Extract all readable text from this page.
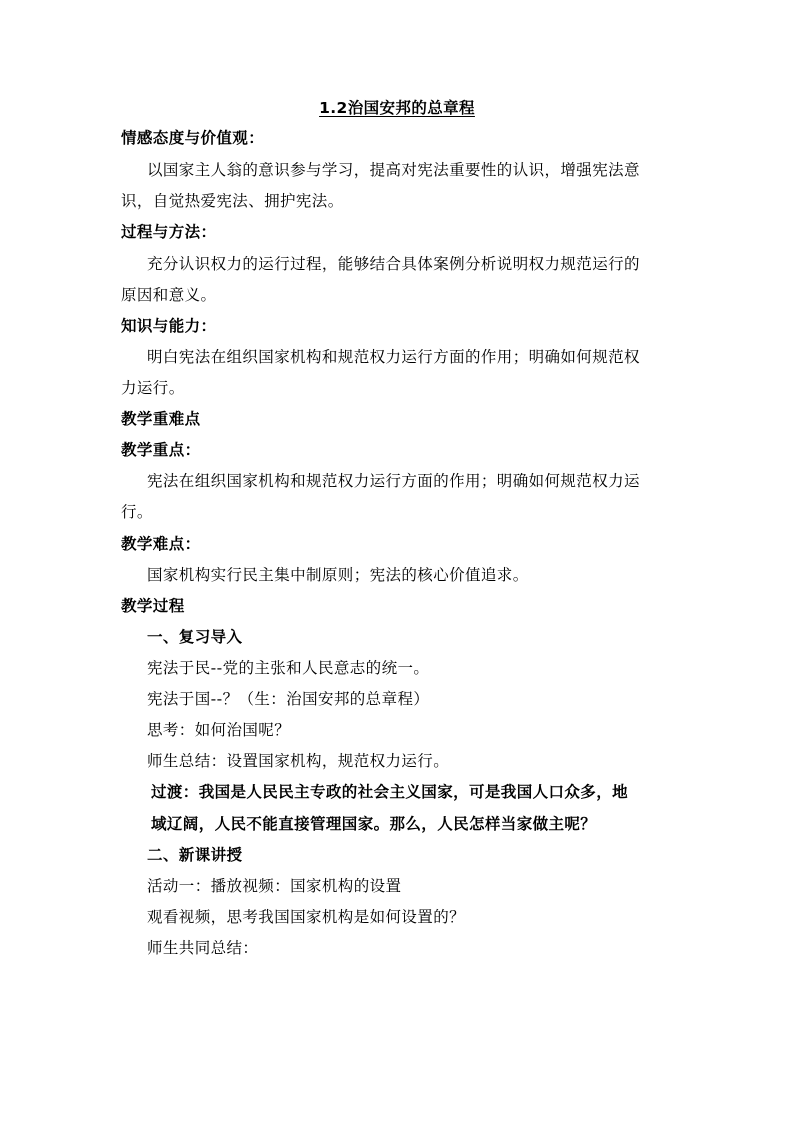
1.2治国安邦的总章程
情感态度与价值观：
以国家主人翁的意识参与学习，提高对宪法重要性的认识，增强宪法意
识，自觉热爱宪法、拥护宪法。
过程与方法：
充分认识权力的运行过程，能够结合具体案例分析说明权力规范运行的
原因和意义。
知识与能力：
明白宪法在组织国家机构和规范权力运行方面的作用；明确如何规范权
力运行。
教学重难点
教学重点：
宪法在组织国家机构和规范权力运行方面的作用；明确如何规范权力运
行。
教学难点：
国家机构实行民主集中制原则；宪法的核心价值追求。
教学过程
一、复习导入
宪法于民--党的主张和人民意志的统一。
宪法于国--？（生：治国安邦的总章程）
思考：如何治国呢？
师生总结：设置国家机构，规范权力运行。
过渡：我国是人民民主专政的社会主义国家，可是我国人口众多，地
域辽阔，人民不能直接管理国家。那么，人民怎样当家做主呢？
二、新课讲授
活动一：播放视频：国家机构的设置
观看视频，思考我国国家机构是如何设置的？
师生共同总结：
